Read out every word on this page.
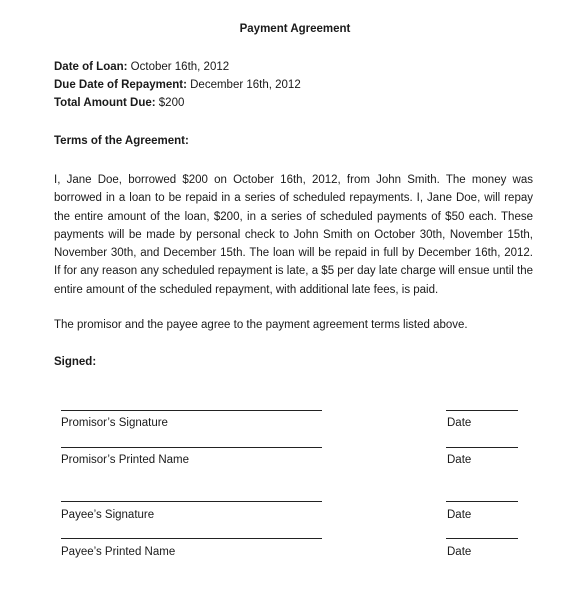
Payment Agreement
Date of Loan: October 16th, 2012
Due Date of Repayment: December 16th, 2012
Total Amount Due: $200
Terms of the Agreement:
I, Jane Doe, borrowed $200 on October 16th, 2012, from John Smith. The money was borrowed in a loan to be repaid in a series of scheduled repayments. I, Jane Doe, will repay the entire amount of the loan, $200, in a series of scheduled payments of $50 each. These payments will be made by personal check to John Smith on October 30th, November 15th, November 30th, and December 15th. The loan will be repaid in full by December 16th, 2012. If for any reason any scheduled repayment is late, a $5 per day late charge will ensue until the entire amount of the scheduled repayment, with additional late fees, is paid.
The promisor and the payee agree to the payment agreement terms listed above.
Signed:
Promisor’s Signature	Date
Promisor’s Printed Name	Date
Payee’s Signature	Date
Payee’s Printed Name	Date
